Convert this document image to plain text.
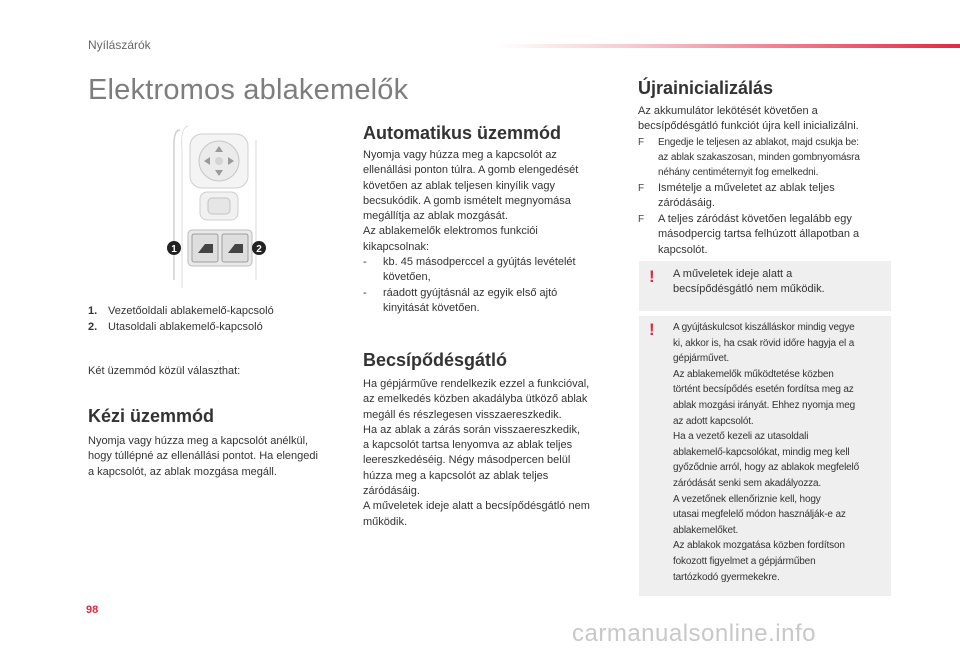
Nyílászárók
Elektromos ablakemelők
1	2
1. Vezetőoldali ablakemelő-kapcsoló
2. Utasoldali ablakemelő-kapcsoló
Két üzemmód közül választhat:
Kézi üzemmód

Nyomja vagy húzza meg a kapcsolót anélkül,

hogy túllépné az ellenállási pontot. Ha elengedi

a kapcsolót, az ablak mozgása megáll.

Automatikus üzemmód

Nyomja vagy húzza meg a kapcsolót az

ellenállási ponton túlra. A gomb elengedését

követően az ablak teljesen kinyílik vagy

becsukódik. A gomb ismételt megnyomása

megállítja az ablak mozgását.

Az ablakemelők elektromos funkciói

kikapcsolnak:

-	kb. 45 másodperccel a gyújtás levételét
követően,
-	ráadott gyújtásnál az egyik első ajtó
kinyitását követően.
Becsípődésgátló

Ha gépjárműve rendelkezik ezzel a funkcióval,

az emelkedés közben akadályba ütköző ablak

megáll és részlegesen visszaereszkedik.

Ha az ablak a zárás során visszaereszkedik,

a kapcsolót tartsa lenyomva az ablak teljes

leereszkedéséig. Négy másodpercen belül

húzza meg a kapcsolót az ablak teljes

záródásáig.

A műveletek ideje alatt a becsípődésgátló nem

működik.

Újrainicializálás

Az akkumulátor lekötését követően a

becsípődésgátló funkciót újra kell inicializálni.

F	Engedje le teljesen az ablakot, majd csukja be:
az ablak szakaszosan, minden gombnyomásra
néhány centiméternyit fog emelkedni.
F	Ismételje a műveletet az ablak teljes
záródásáig.
F	A teljes záródást követően legalább egy
másodpercig tartsa felhúzott állapotban a
kapcsolót.
! A műveletek ideje alatt a

becsípődésgátló nem működik.

! A gyújtáskulcsot kiszálláskor mindig vegye

ki, akkor is, ha csak rövid időre hagyja el a

gépjárművet.

Az ablakemelők működtetése közben

történt becsípődés esetén fordítsa meg az

ablak mozgási irányát. Ehhez nyomja meg

az adott kapcsolót.

Ha a vezető kezeli az utasoldali

ablakemelő-kapcsolókat, mindig meg kell

győződnie arról, hogy az ablakok megfelelő

záródását senki sem akadályozza.

A vezetőnek ellenőriznie kell, hogy

utasai megfelelő módon használják-e az

ablakemelőket.

Az ablakok mozgatása közben fordítson

fokozott figyelmet a gépjárműben

tartózkodó gyermekekre.

98
carmanualsonline.info
